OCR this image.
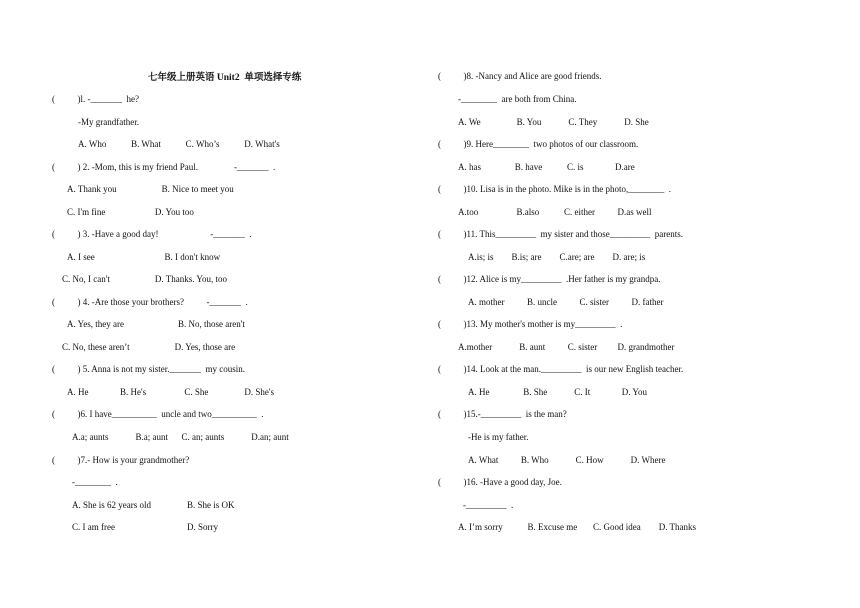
七年级上册英语 Unit2  单项选择专练
(          )l. -_______  he?
-My grandfather.
A. Who           B. What           C. Who’s           D. What's
(          ) 2. -Mom, this is my friend Paul.                -_______  .
A. Thank you                    B. Nice to meet you
C. I'm fine                      D. You too
(          ) 3. -Have a good day!                       -_______  .
A. I see                               B. I don't know
C. No, I can't                    D. Thanks. You, too
(          ) 4. -Are those your brothers?          -_______  .
A. Yes, they are                        B. No, those aren't
C. No, these aren’t                    D. Yes, those are
(          ) 5. Anna is not my sister._______  my cousin.
A. He              B. He's                 C. She                D. She's
(          )6. I have__________  uncle and two__________  .
A.a; aunts            B.a; aunt      C. an; aunts            D.an; aunt
(          )7.- How is your grandmother?
-________  .
A. She is 62 years old                B. She is OK
C. I am free                                D. Sorry
(          )8. -Nancy and Alice are good friends.
-________  are both from China.
A. We                B. You            C. They            D. She
(          )9. Here________  two photos of our classroom.
A. has               B. have           C. is              D.are
(          )10. Lisa is in the photo. Mike is in the photo,________  .
A.too                 B.also           C. either          D.as well
(          )11. This_________  my sister and those_________  parents.
A.is; is        B.is; are        C.are; are        D. are; is
(          )12. Alice is my_________  .Her father is my grandpa.
A. mother          B. uncle          C. sister          D. father
(          )13. My mother's mother is my_________  .
A.mother            B. aunt          C. sister         D. grandmother
(          )14. Look at the man._________  is our new English teacher.
A. He               B. She            C. It              D. You
(          )15.-_________  is the man?
-He is my father.
A. What          B. Who            C. How            D. Where
(          )16. -Have a good day, Joe.
-_________  .
A. I’m sorry           B. Excuse me       C. Good idea        D. Thanks
